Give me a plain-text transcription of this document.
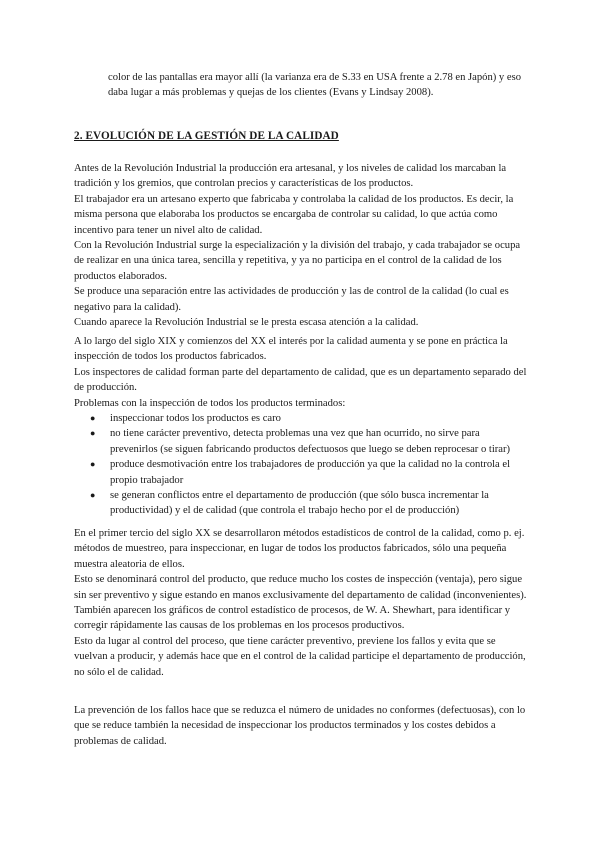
color de las pantallas era mayor allí (la varianza era de S.33 en USA frente a 2.78 en Japón) y eso daba lugar a más problemas y quejas de los clientes (Evans y Lindsay 2008).

2. EVOLUCIÓN DE LA GESTIÓN DE LA CALIDAD

Antes de la Revolución Industrial la producción era artesanal, y los niveles de calidad los marcaban la tradición y los gremios, que controlan precios y características de los productos.

El trabajador era un artesano experto que fabricaba y controlaba la calidad de los productos. Es decir, la misma persona que elaboraba los productos se encargaba de controlar su calidad, lo que actúa como incentivo para tener un nivel alto de calidad.

Con la Revolución Industrial surge la especialización y la división del trabajo, y cada trabajador se ocupa de realizar en una única tarea, sencilla y repetitiva, y ya no participa en el control de la calidad de los productos elaborados.

Se produce una separación entre las actividades de producción y las de control de la calidad (lo cual es negativo para la calidad).

Cuando aparece la Revolución Industrial se le presta escasa atención a la calidad.

A lo largo del siglo XIX y comienzos del XX el interés por la calidad aumenta y se pone en práctica la inspección de todos los productos fabricados.

Los inspectores de calidad forman parte del departamento de calidad, que es un departamento separado del de producción.

Problemas con la inspección de todos los productos terminados:

● inspeccionar todos los productos es caro
● no tiene carácter preventivo, detecta problemas una vez que han ocurrido, no sirve para prevenirlos (se siguen fabricando productos defectuosos que luego se deben reprocesar o tirar)
● produce desmotivación entre los trabajadores de producción ya que la calidad no la controla el propio trabajador
● se generan conflictos entre el departamento de producción (que sólo busca incrementar la productividad) y el de calidad (que controla el trabajo hecho por el de producción)

En el primer tercio del siglo XX se desarrollaron métodos estadísticos de control de la calidad, como p. ej. métodos de muestreo, para inspeccionar, en lugar de todos los productos fabricados, sólo una pequeña muestra aleatoria de ellos.

Esto se denominará control del producto, que reduce mucho los costes de inspección (ventaja), pero sigue sin ser preventivo y sigue estando en manos exclusivamente del departamento de calidad (inconvenientes).

También aparecen los gráficos de control estadístico de procesos, de W. A. Shewhart, para identificar y corregir rápidamente las causas de los problemas en los procesos productivos.

Esto da lugar al control del proceso, que tiene carácter preventivo, previene los fallos y evita que se vuelvan a producir, y además hace que en el control de la calidad participe el departamento de producción, no sólo el de calidad.

La prevención de los fallos hace que se reduzca el número de unidades no conformes (defectuosas), con lo que se reduce también la necesidad de inspeccionar los productos terminados y los costes debidos a problemas de calidad.
